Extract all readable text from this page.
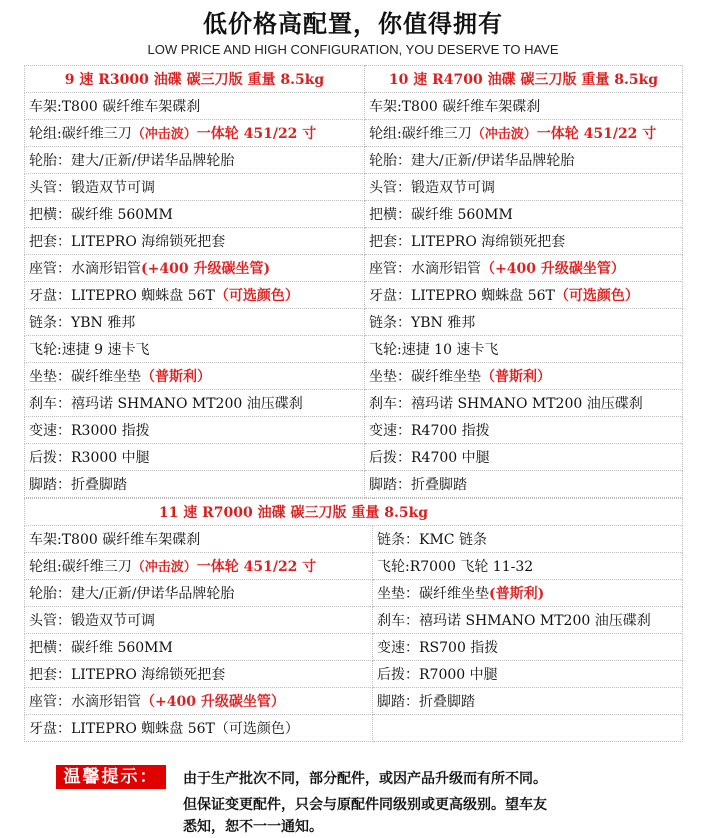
低价格高配置，你值得拥有
LOW PRICE AND HIGH CONFIGURATION, YOU DESERVE TO HAVE
9 速 R3000 油碟 碳三刀版 重量 8.5kg	10 速 R4700 油碟 碳三刀版 重量 8.5kg
车架:T800 碳纤维车架碟刹	车架:T800 碳纤维车架碟刹
轮组:碳纤维三刀（冲击波）一体轮 451/22 寸	轮组:碳纤维三刀（冲击波）一体轮 451/22 寸
轮胎：建大/正新/伊诺华品牌轮胎	轮胎：建大/正新/伊诺华品牌轮胎
头管：锻造双节可调	头管：锻造双节可调
把横：碳纤维 560MM	把横：碳纤维 560MM
把套：LITEPRO 海绵锁死把套	把套：LITEPRO 海绵锁死把套
座管：水滴形铝管(+400 升级碳坐管)	座管：水滴形铝管（+400 升级碳坐管）
牙盘：LITEPRO 蜘蛛盘 56T（可选颜色）	牙盘：LITEPRO 蜘蛛盘 56T（可选颜色）
链条：YBN 雅邦	链条：YBN 雅邦
飞轮:速捷 9 速卡飞	飞轮:速捷 10 速卡飞
坐垫：碳纤维坐垫（普斯利）	坐垫：碳纤维坐垫（普斯利）
刹车：禧玛诺 SHMANO MT200 油压碟刹	刹车：禧玛诺 SHMANO MT200 油压碟刹
变速：R3000 指拨	变速：R4700 指拨
后拨：R3000 中腿	后拨：R4700 中腿
脚踏：折叠脚踏	脚踏：折叠脚踏
11 速 R7000 油碟 碳三刀版 重量 8.5kg	
车架:T800 碳纤维车架碟刹	链条：KMC 链条
轮组:碳纤维三刀（冲击波）一体轮 451/22 寸	飞轮:R7000 飞轮 11-32
轮胎：建大/正新/伊诺华品牌轮胎	坐垫：碳纤维坐垫(普斯利)
头管：锻造双节可调	刹车：禧玛诺 SHMANO MT200 油压碟刹
把横：碳纤维 560MM	变速：RS700 指拨
把套：LITEPRO 海绵锁死把套	后拨：R7000 中腿
座管：水滴形铝管（+400 升级碳坐管）	脚踏：折叠脚踏
牙盘：LITEPRO 蜘蛛盘 56T（可选颜色）	
温馨提示：	由于生产批次不同，部分配件，或因产品升级而有所不同。
但保证变更配件，只会与原配件同级别或更高级别。望车友
悉知，恕不一一通知。
